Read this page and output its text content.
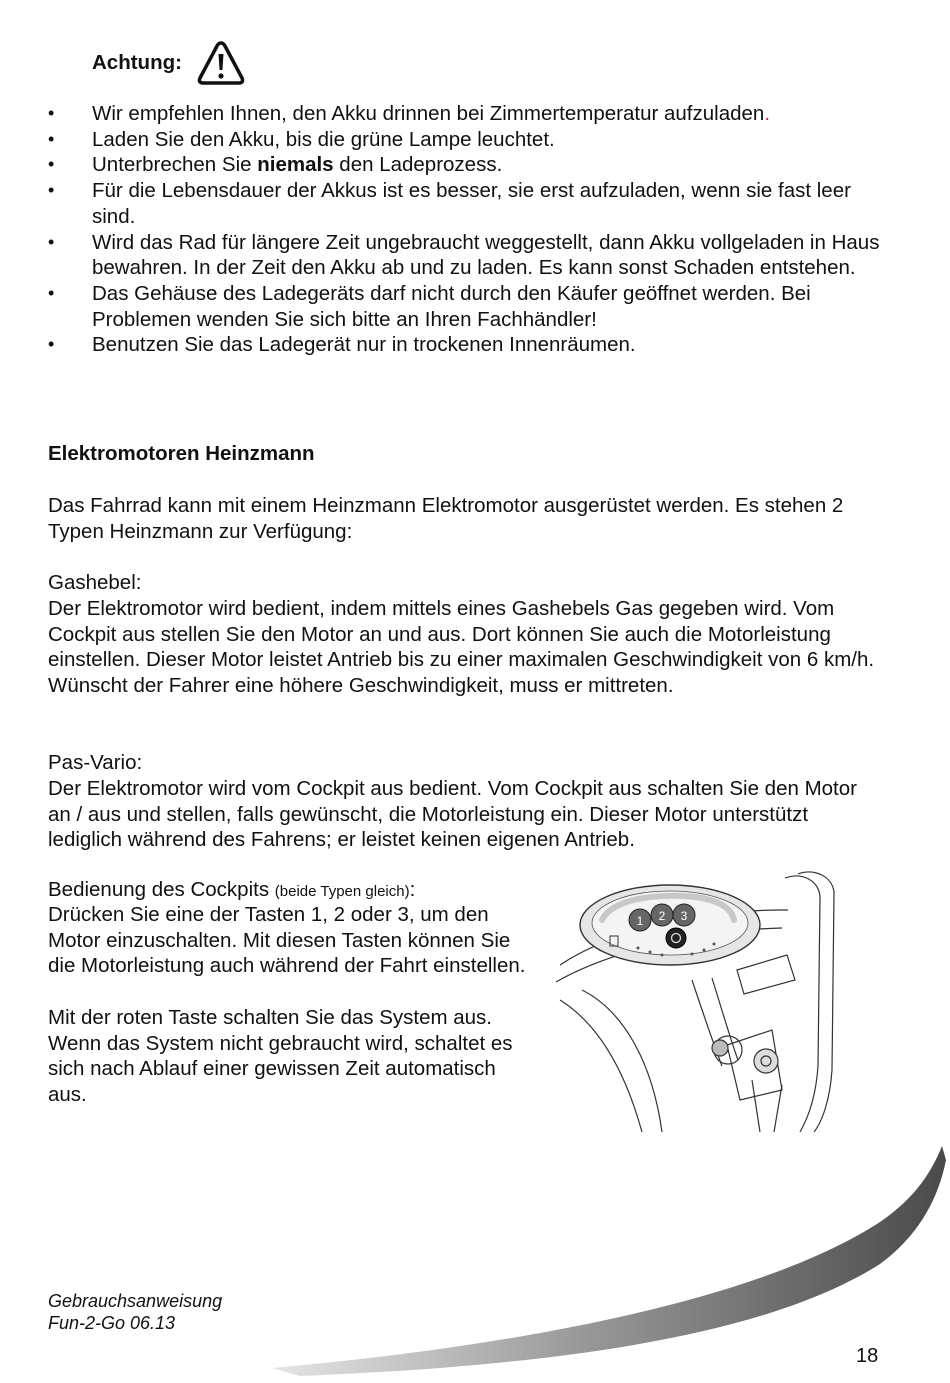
Achtung:
• Wir empfehlen Ihnen, den Akku drinnen bei Zimmertemperatur aufzuladen.
• Laden Sie den Akku, bis die grüne Lampe leuchtet.
• Unterbrechen Sie niemals den Ladeprozess.
• Für die Lebensdauer der Akkus ist es besser, sie erst aufzuladen, wenn sie fast leer sind.
• Wird das Rad für längere Zeit ungebraucht weggestellt, dann Akku vollgeladen in Haus bewahren. In der Zeit den Akku ab und zu laden. Es kann sonst Schaden entstehen.
• Das Gehäuse des Ladegeräts darf nicht durch den Käufer geöffnet werden. Bei Problemen wenden Sie sich bitte an Ihren Fachhändler!
• Benutzen Sie das Ladegerät nur in trockenen Innenräumen.
Elektromotoren Heinzmann
Das Fahrrad kann mit einem Heinzmann Elektromotor ausgerüstet werden. Es stehen 2 Typen Heinzmann zur Verfügung:
Gashebel:
Der Elektromotor wird bedient, indem mittels eines Gashebels Gas gegeben wird. Vom Cockpit aus stellen Sie den Motor an und aus. Dort können Sie auch die Motorleistung einstellen. Dieser Motor leistet Antrieb bis zu einer maximalen Geschwindigkeit von 6 km/h. Wünscht der Fahrer eine höhere Geschwindigkeit, muss er mittreten.
Pas-Vario:
Der Elektromotor wird vom Cockpit aus bedient. Vom Cockpit aus schalten Sie den Motor an / aus und stellen, falls gewünscht, die Motorleistung ein. Dieser Motor unterstützt lediglich während des Fahrens; er leistet keinen eigenen Antrieb.
Bedienung des Cockpits (beide Typen gleich):
Drücken Sie eine der Tasten 1, 2 oder 3, um den Motor einzuschalten. Mit diesen Tasten können Sie die Motorleistung auch während der Fahrt einstellen.
Mit der roten Taste schalten Sie das System aus. Wenn das System nicht gebraucht wird, schaltet es sich nach Ablauf einer gewissen Zeit automatisch aus.
1 2 3
Gebrauchsanweisung
Fun-2-Go 06.13
18
